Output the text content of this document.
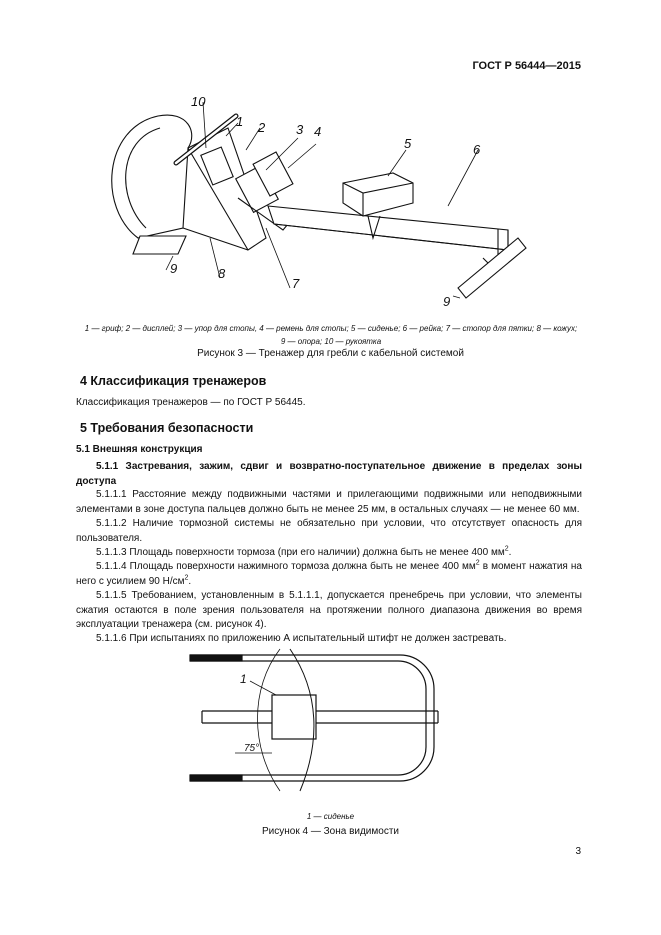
ГОСТ Р 56444—2015
10
1 2 3 4
5	6
9	8
7
9
1 — гриф; 2 — дисплей; 3 — упор для стопы, 4 — ремень для стопы; 5 — сиденье; 6 — рейка; 7 — стопор для пятки; 8 — кожух;
9 — опора; 10 — рукоятка
Рисунок 3 — Тренажер для гребли с кабельной системой
4 Классификация тренажеров
Классификация тренажеров — по ГОСТ Р 56445.
5 Требования безопасности
5.1 Внешняя конструкция
5.1.1 Застревания, зажим, сдвиг и возвратно-поступательное движение в пределах зоны доступа
5.1.1.1 Расстояние между подвижными частями и прилегающими подвижными или неподвижными элементами в зоне доступа пальцев должно быть не менее 25 мм, в остальных случаях — не менее 60 мм.
5.1.1.2 Наличие тормозной системы не обязательно при условии, что отсутствует опасность для пользователя.
5.1.1.3 Площадь поверхности тормоза (при его наличии) должна быть не менее 400 $мм^2$.
5.1.1.4 Площадь поверхности нажимного тормоза должна быть не менее 400 $мм^2$ в момент нажатия на него с усилием 90 $Н/см^2$.
5.1.1.5 Требованием, установленным в 5.1.1.1, допускается пренебречь при условии, что элементы сжатия остаются в поле зрения пользователя на протяжении полного диапазона движения во время эксплуатации тренажера (см. рисунок 4).
5.1.1.6 При испытаниях по приложению А испытательный штифт не должен застревать.
1
75°
1 — сиденье
Рисунок 4 — Зона видимости
3
